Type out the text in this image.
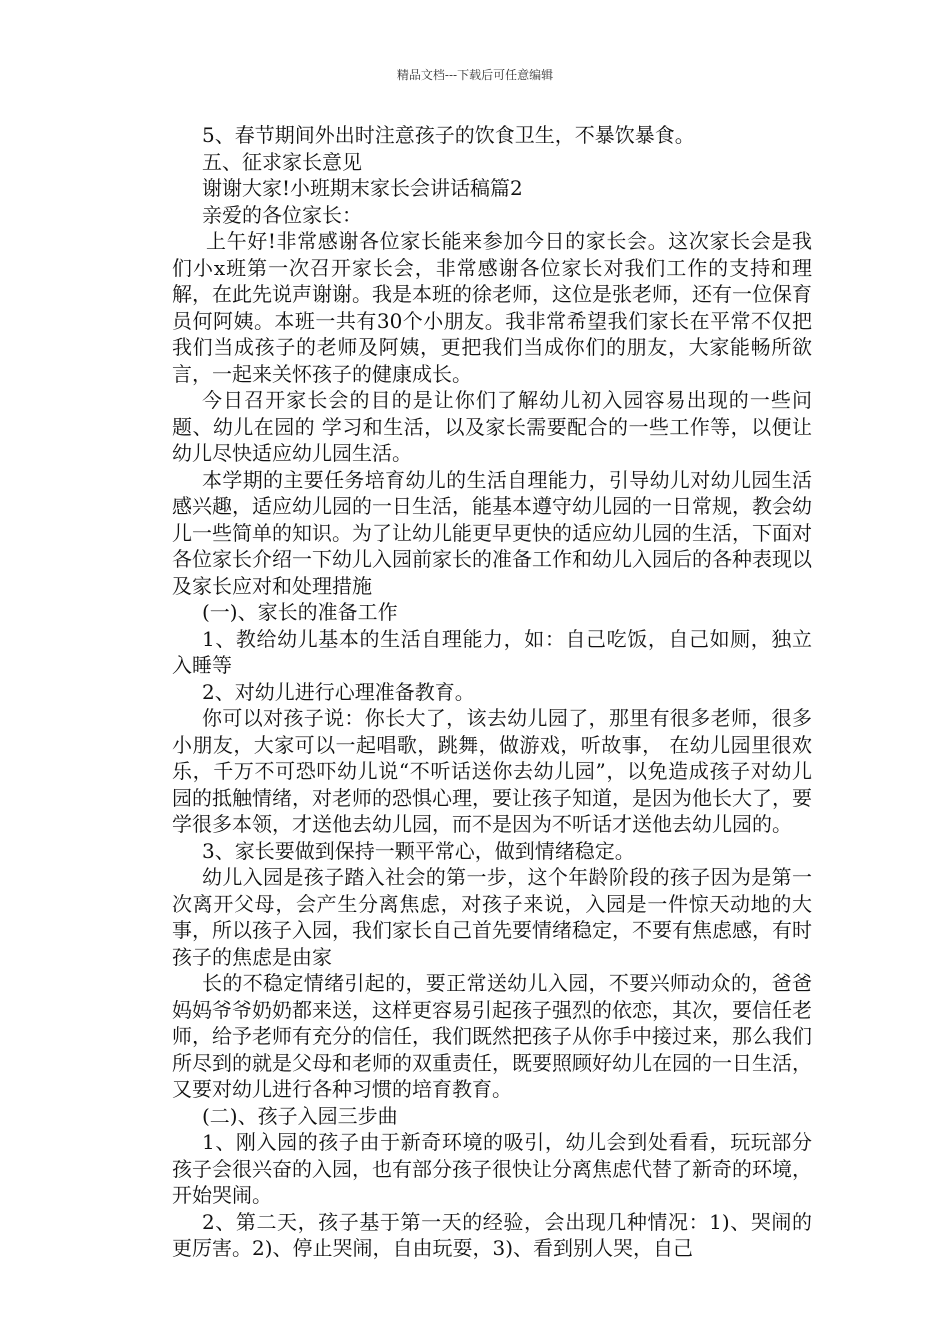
精品文档---下载后可任意编辑

5、春节期间外出时注意孩子的饮食卫生，不暴饮暴食。

五、征求家长意见

谢谢大家!小班期末家长会讲话稿篇2

亲爱的各位家长：

上午好!非常感谢各位家长能来参加今日的家长会。这次家长会是我们小x班第一次召开家长会，非常感谢各位家长对我们工作的支持和理解，在此先说声谢谢。我是本班的徐老师，这位是张老师，还有一位保育员何阿姨。本班一共有30个小朋友。我非常希望我们家长在平常不仅把我们当成孩子的老师及阿姨，更把我们当成你们的朋友，大家能畅所欲言，一起来关怀孩子的健康成长。

今日召开家长会的目的是让你们了解幼儿初入园容易出现的一些问题、幼儿在园的 学习和生活，以及家长需要配合的一些工作等，以便让幼儿尽快适应幼儿园生活。

本学期的主要任务培育幼儿的生活自理能力，引导幼儿对幼儿园生活感兴趣，适应幼儿园的一日生活，能基本遵守幼儿园的一日常规，教会幼儿一些简单的知识。为了让幼儿能更早更快的适应幼儿园的生活，下面对各位家长介绍一下幼儿入园前家长的准备工作和幼儿入园后的各种表现以及家长应对和处理措施

(一)、家长的准备工作

1、教给幼儿基本的生活自理能力，如：自己吃饭，自己如厕，独立入睡等

2、对幼儿进行心理准备教育。

你可以对孩子说：你长大了，该去幼儿园了，那里有很多老师，很多小朋友，大家可以一起唱歌，跳舞，做游戏，听故事， 在幼儿园里很欢乐，千万不可恐吓幼儿说“不听话送你去幼儿园”，以免造成孩子对幼儿园的抵触情绪，对老师的恐惧心理，要让孩子知道，是因为他长大了，要学很多本领，才送他去幼儿园，而不是因为不听话才送他去幼儿园的。

3、家长要做到保持一颗平常心，做到情绪稳定。

幼儿入园是孩子踏入社会的第一步，这个年龄阶段的孩子因为是第一次离开父母，会产生分离焦虑，对孩子来说，入园是一件惊天动地的大事，所以孩子入园，我们家长自己首先要情绪稳定，不要有焦虑感，有时孩子的焦虑是由家

长的不稳定情绪引起的，要正常送幼儿入园，不要兴师动众的，爸爸妈妈爷爷奶奶都来送，这样更容易引起孩子强烈的依恋，其次，要信任老师，给予老师有充分的信任，我们既然把孩子从你手中接过来，那么我们所尽到的就是父母和老师的双重责任，既要照顾好幼儿在园的一日生活，又要对幼儿进行各种习惯的培育教育。

(二)、孩子入园三步曲

1、刚入园的孩子由于新奇环境的吸引，幼儿会到处看看，玩玩部分孩子会很兴奋的入园，也有部分孩子很快让分离焦虑代替了新奇的环境，开始哭闹。

2、第二天，孩子基于第一天的经验，会出现几种情况：1)、哭闹的更厉害。2)、停止哭闹，自由玩耍，3)、看到别人哭，自己
